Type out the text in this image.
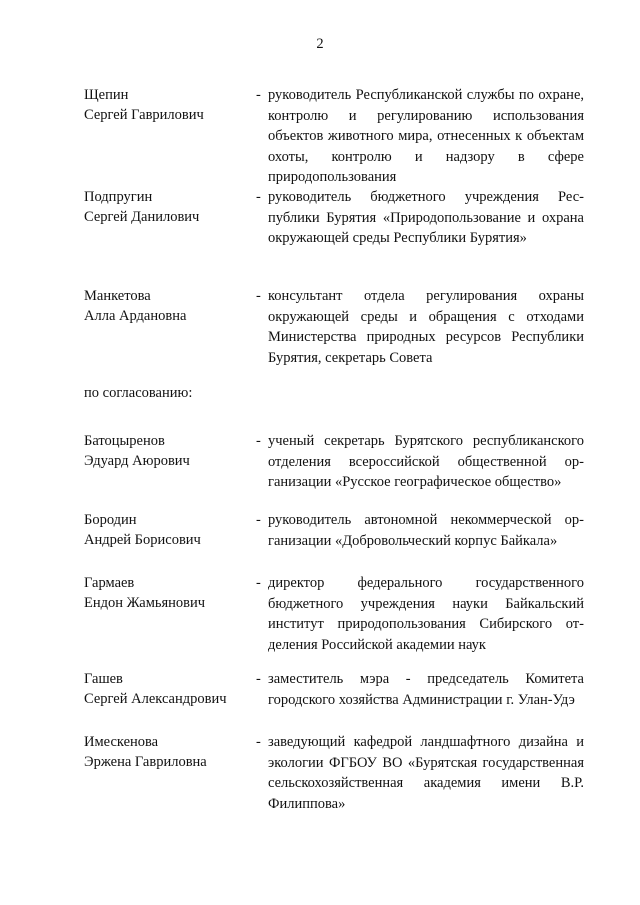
2
Щепин
Сергей Гаврилович
- руководитель Республиканской службы по охране, контролю и регулированию использования объектов животного мира, отнесенных к объектам охоты, контролю и надзору в сфере природопользования
Подпругин
Сергей Данилович
- руководитель бюджетного учреждения Республики Бурятия «Природопользование и охрана окружающей среды Республики Бурятия»
Манкетова
Алла Ардановна
- консультант отдела регулирования охраны окружающей среды и обращения с отходами Министерства природных ресурсов Республики Бурятия, секретарь Совета
по согласованию:
Батоцыренов
Эдуард Аюрович
- ученый секретарь Бурятского республиканского отделения всероссийской общественной организации «Русское географическое общество»
Бородин
Андрей Борисович
- руководитель автономной некоммерческой организации «Добровольческий корпус Байкала»
Гармаев
Ендон Жамьянович
- директор федерального государственного бюджетного учреждения науки Байкальский институт природопользования Сибирского отделения Российской академии наук
Гашев
Сергей Александрович
- заместитель мэра - председатель Комитета городского хозяйства Администрации г. Улан-Удэ
Имескенова
Эржена Гавриловна
- заведующий кафедрой ландшафтного дизайна и экологии ФГБОУ ВО «Бурятская государственная сельскохозяйственная академия имени В.Р. Филиппова»
